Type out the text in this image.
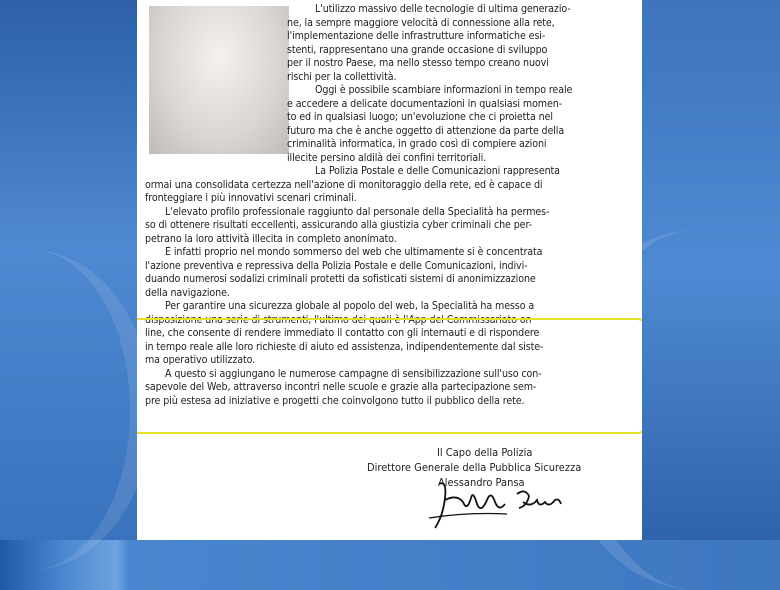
L'utilizzo massivo delle tecnologie di ultima generazio-
ne, la sempre maggiore velocità di connessione alla rete,
l'implementazione delle infrastrutture informatiche esi-
stenti, rappresentano una grande occasione di sviluppo
per il nostro Paese, ma nello stesso tempo creano nuovi
rischi per la collettività.
Oggi è possibile scambiare informazioni in tempo reale
e accedere a delicate documentazioni in qualsiasi momen-
to ed in qualsiasi luogo; un'evoluzione che ci proietta nel
futuro ma che è anche oggetto di attenzione da parte della
criminalità informatica, in grado così di compiere azioni
illecite persino aldilà dei confini territoriali.
La Polizia Postale e delle Comunicazioni rappresenta
ormai una consolidata certezza nell'azione di monitoraggio della rete, ed è capace di
fronteggiare i più innovativi scenari criminali.
L'elevato profilo professionale raggiunto dal personale della Specialità ha permes-
so di ottenere risultati eccellenti, assicurando alla giustizia cyber criminali che per-
petrano la loro attività illecita in completo anonimato.
È infatti proprio nel mondo sommerso del web che ultimamente si è concentrata
l'azione preventiva e repressiva della Polizia Postale e delle Comunicazioni, indivi-
duando numerosi sodalizi criminali protetti da sofisticati sistemi di anonimizzazione
della navigazione.
Per garantire una sicurezza globale al popolo del web, la Specialità ha messo a
disposizione una serie di strumenti, l'ultimo dei quali è l'App del Commissariato on
line, che consente di rendere immediato il contatto con gli internauti e di rispondere
in tempo reale alle loro richieste di aiuto ed assistenza, indipendentemente dal siste-
ma operativo utilizzato.
A questo si aggiungano le numerose campagne di sensibilizzazione sull'uso con-
sapevole del Web, attraverso incontri nelle scuole e grazie alla partecipazione sem-
pre più estesa ad iniziative e progetti che coinvolgono tutto il pubblico della rete.
Il Capo della Polizia
Direttore Generale della Pubblica Sicurezza
Alessandro Pansa
